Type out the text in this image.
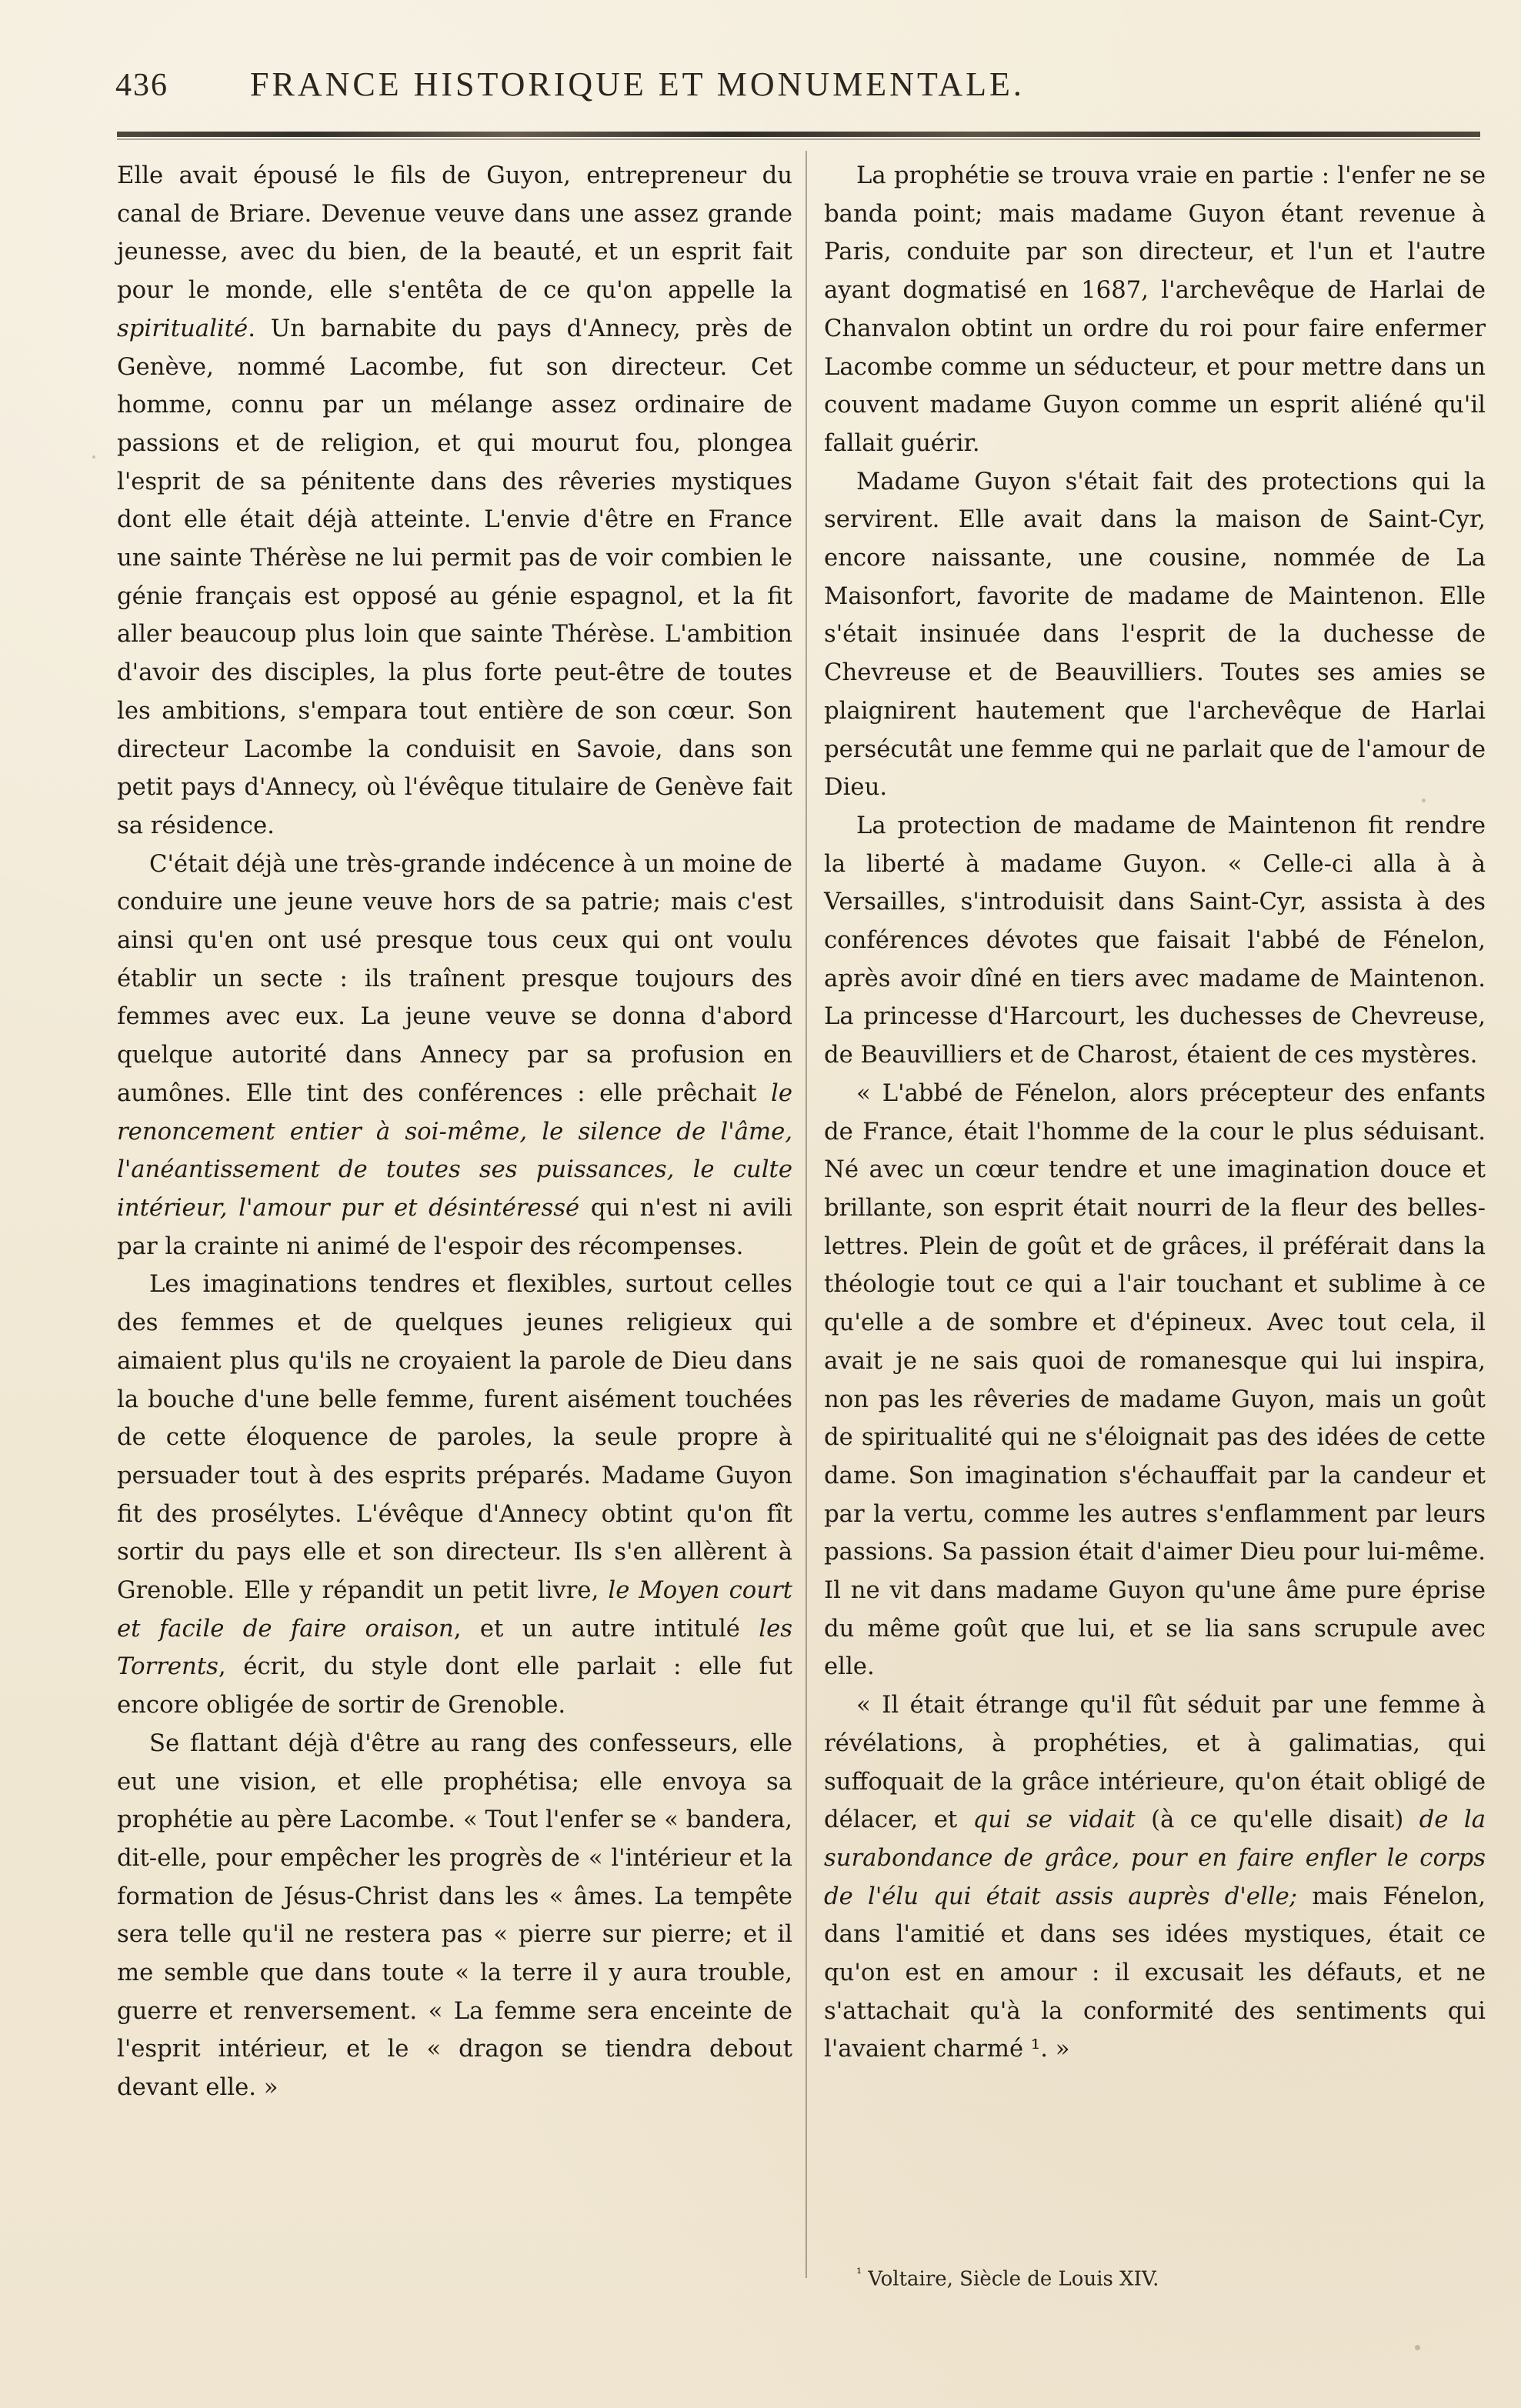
436 FRANCE HISTORIQUE ET MONUMENTALE.

Elle avait épousé le fils de Guyon, entrepreneur du canal de Briare. Devenue veuve dans une assez grande jeunesse, avec du bien, de la beauté, et un esprit fait pour le monde, elle s'entêta de ce qu'on appelle la spiritualité. Un barnabite du pays d'Annecy, près de Genève, nommé Lacombe, fut son directeur. Cet homme, connu par un mélange assez ordinaire de passions et de religion, et qui mourut fou, plongea l'esprit de sa pénitente dans des rêveries mystiques dont elle était déjà atteinte. L'envie d'être en France une sainte Thérèse ne lui permit pas de voir combien le génie français est opposé au génie espagnol, et la fit aller beaucoup plus loin que sainte Thérèse. L'ambition d'avoir des disciples, la plus forte peut-être de toutes les ambitions, s'empara tout entière de son cœur. Son directeur Lacombe la conduisit en Savoie, dans son petit pays d'Annecy, où l'évêque titulaire de Genève fait sa résidence.

C'était déjà une très-grande indécence à un moine de conduire une jeune veuve hors de sa patrie; mais c'est ainsi qu'en ont usé presque tous ceux qui ont voulu établir un secte : ils traînent presque toujours des femmes avec eux. La jeune veuve se donna d'abord quelque autorité dans Annecy par sa profusion en aumônes. Elle tint des conférences : elle prêchait le renoncement entier à soi-même, le silence de l'âme, l'anéantissement de toutes ses puissances, le culte intérieur, l'amour pur et désintéressé qui n'est ni avili par la crainte ni animé de l'espoir des récompenses.

Les imaginations tendres et flexibles, surtout celles des femmes et de quelques jeunes religieux qui aimaient plus qu'ils ne croyaient la parole de Dieu dans la bouche d'une belle femme, furent aisément touchées de cette éloquence de paroles, la seule propre à persuader tout à des esprits préparés. Madame Guyon fit des prosélytes. L'évêque d'Annecy obtint qu'on fît sortir du pays elle et son directeur. Ils s'en allèrent à Grenoble. Elle y répandit un petit livre, le Moyen court et facile de faire oraison, et un autre intitulé les Torrents, écrit, du style dont elle parlait : elle fut encore obligée de sortir de Grenoble.

Se flattant déjà d'être au rang des confesseurs, elle eut une vision, et elle prophétisa; elle envoya sa prophétie au père Lacombe. « Tout l'enfer se « bandera, dit-elle, pour empêcher les progrès de « l'intérieur et la formation de Jésus-Christ dans les « âmes. La tempête sera telle qu'il ne restera pas « pierre sur pierre; et il me semble que dans toute « la terre il y aura trouble, guerre et renversement. « La femme sera enceinte de l'esprit intérieur, et le « dragon se tiendra debout devant elle. »

La prophétie se trouva vraie en partie : l'enfer ne se banda point; mais madame Guyon étant revenue à Paris, conduite par son directeur, et l'un et l'autre ayant dogmatisé en 1687, l'archevêque de Harlai de Chanvalon obtint un ordre du roi pour faire enfermer Lacombe comme un séducteur, et pour mettre dans un couvent madame Guyon comme un esprit aliéné qu'il fallait guérir.

Madame Guyon s'était fait des protections qui la servirent. Elle avait dans la maison de Saint-Cyr, encore naissante, une cousine, nommée de La Maisonfort, favorite de madame de Maintenon. Elle s'était insinuée dans l'esprit de la duchesse de Chevreuse et de Beauvilliers. Toutes ses amies se plaignirent hautement que l'archevêque de Harlai persécutât une femme qui ne parlait que de l'amour de Dieu.

La protection de madame de Maintenon fit rendre la liberté à madame Guyon. « Celle-ci alla à à Versailles, s'introduisit dans Saint-Cyr, assista à des conférences dévotes que faisait l'abbé de Fénelon, après avoir dîné en tiers avec madame de Maintenon. La princesse d'Harcourt, les duchesses de Chevreuse, de Beauvilliers et de Charost, étaient de ces mystères.

« L'abbé de Fénelon, alors précepteur des enfants de France, était l'homme de la cour le plus séduisant. Né avec un cœur tendre et une imagination douce et brillante, son esprit était nourri de la fleur des belles-lettres. Plein de goût et de grâces, il préférait dans la théologie tout ce qui a l'air touchant et sublime à ce qu'elle a de sombre et d'épineux. Avec tout cela, il avait je ne sais quoi de romanesque qui lui inspira, non pas les rêveries de madame Guyon, mais un goût de spiritualité qui ne s'éloignait pas des idées de cette dame. Son imagination s'échauffait par la candeur et par la vertu, comme les autres s'enflamment par leurs passions. Sa passion était d'aimer Dieu pour lui-même. Il ne vit dans madame Guyon qu'une âme pure éprise du même goût que lui, et se lia sans scrupule avec elle.

« Il était étrange qu'il fût séduit par une femme à révélations, à prophéties, et à galimatias, qui suffoquait de la grâce intérieure, qu'on était obligé de délacer, et qui se vidait (à ce qu'elle disait) de la surabondance de grâce, pour en faire enfler le corps de l'élu qui était assis auprès d'elle; mais Fénelon, dans l'amitié et dans ses idées mystiques, était ce qu'on est en amour : il excusait les défauts, et ne s'attachait qu'à la conformité des sentiments qui l'avaient charmé ¹. »

$^{^1}$ Voltaire, Siècle de Louis XIV.
